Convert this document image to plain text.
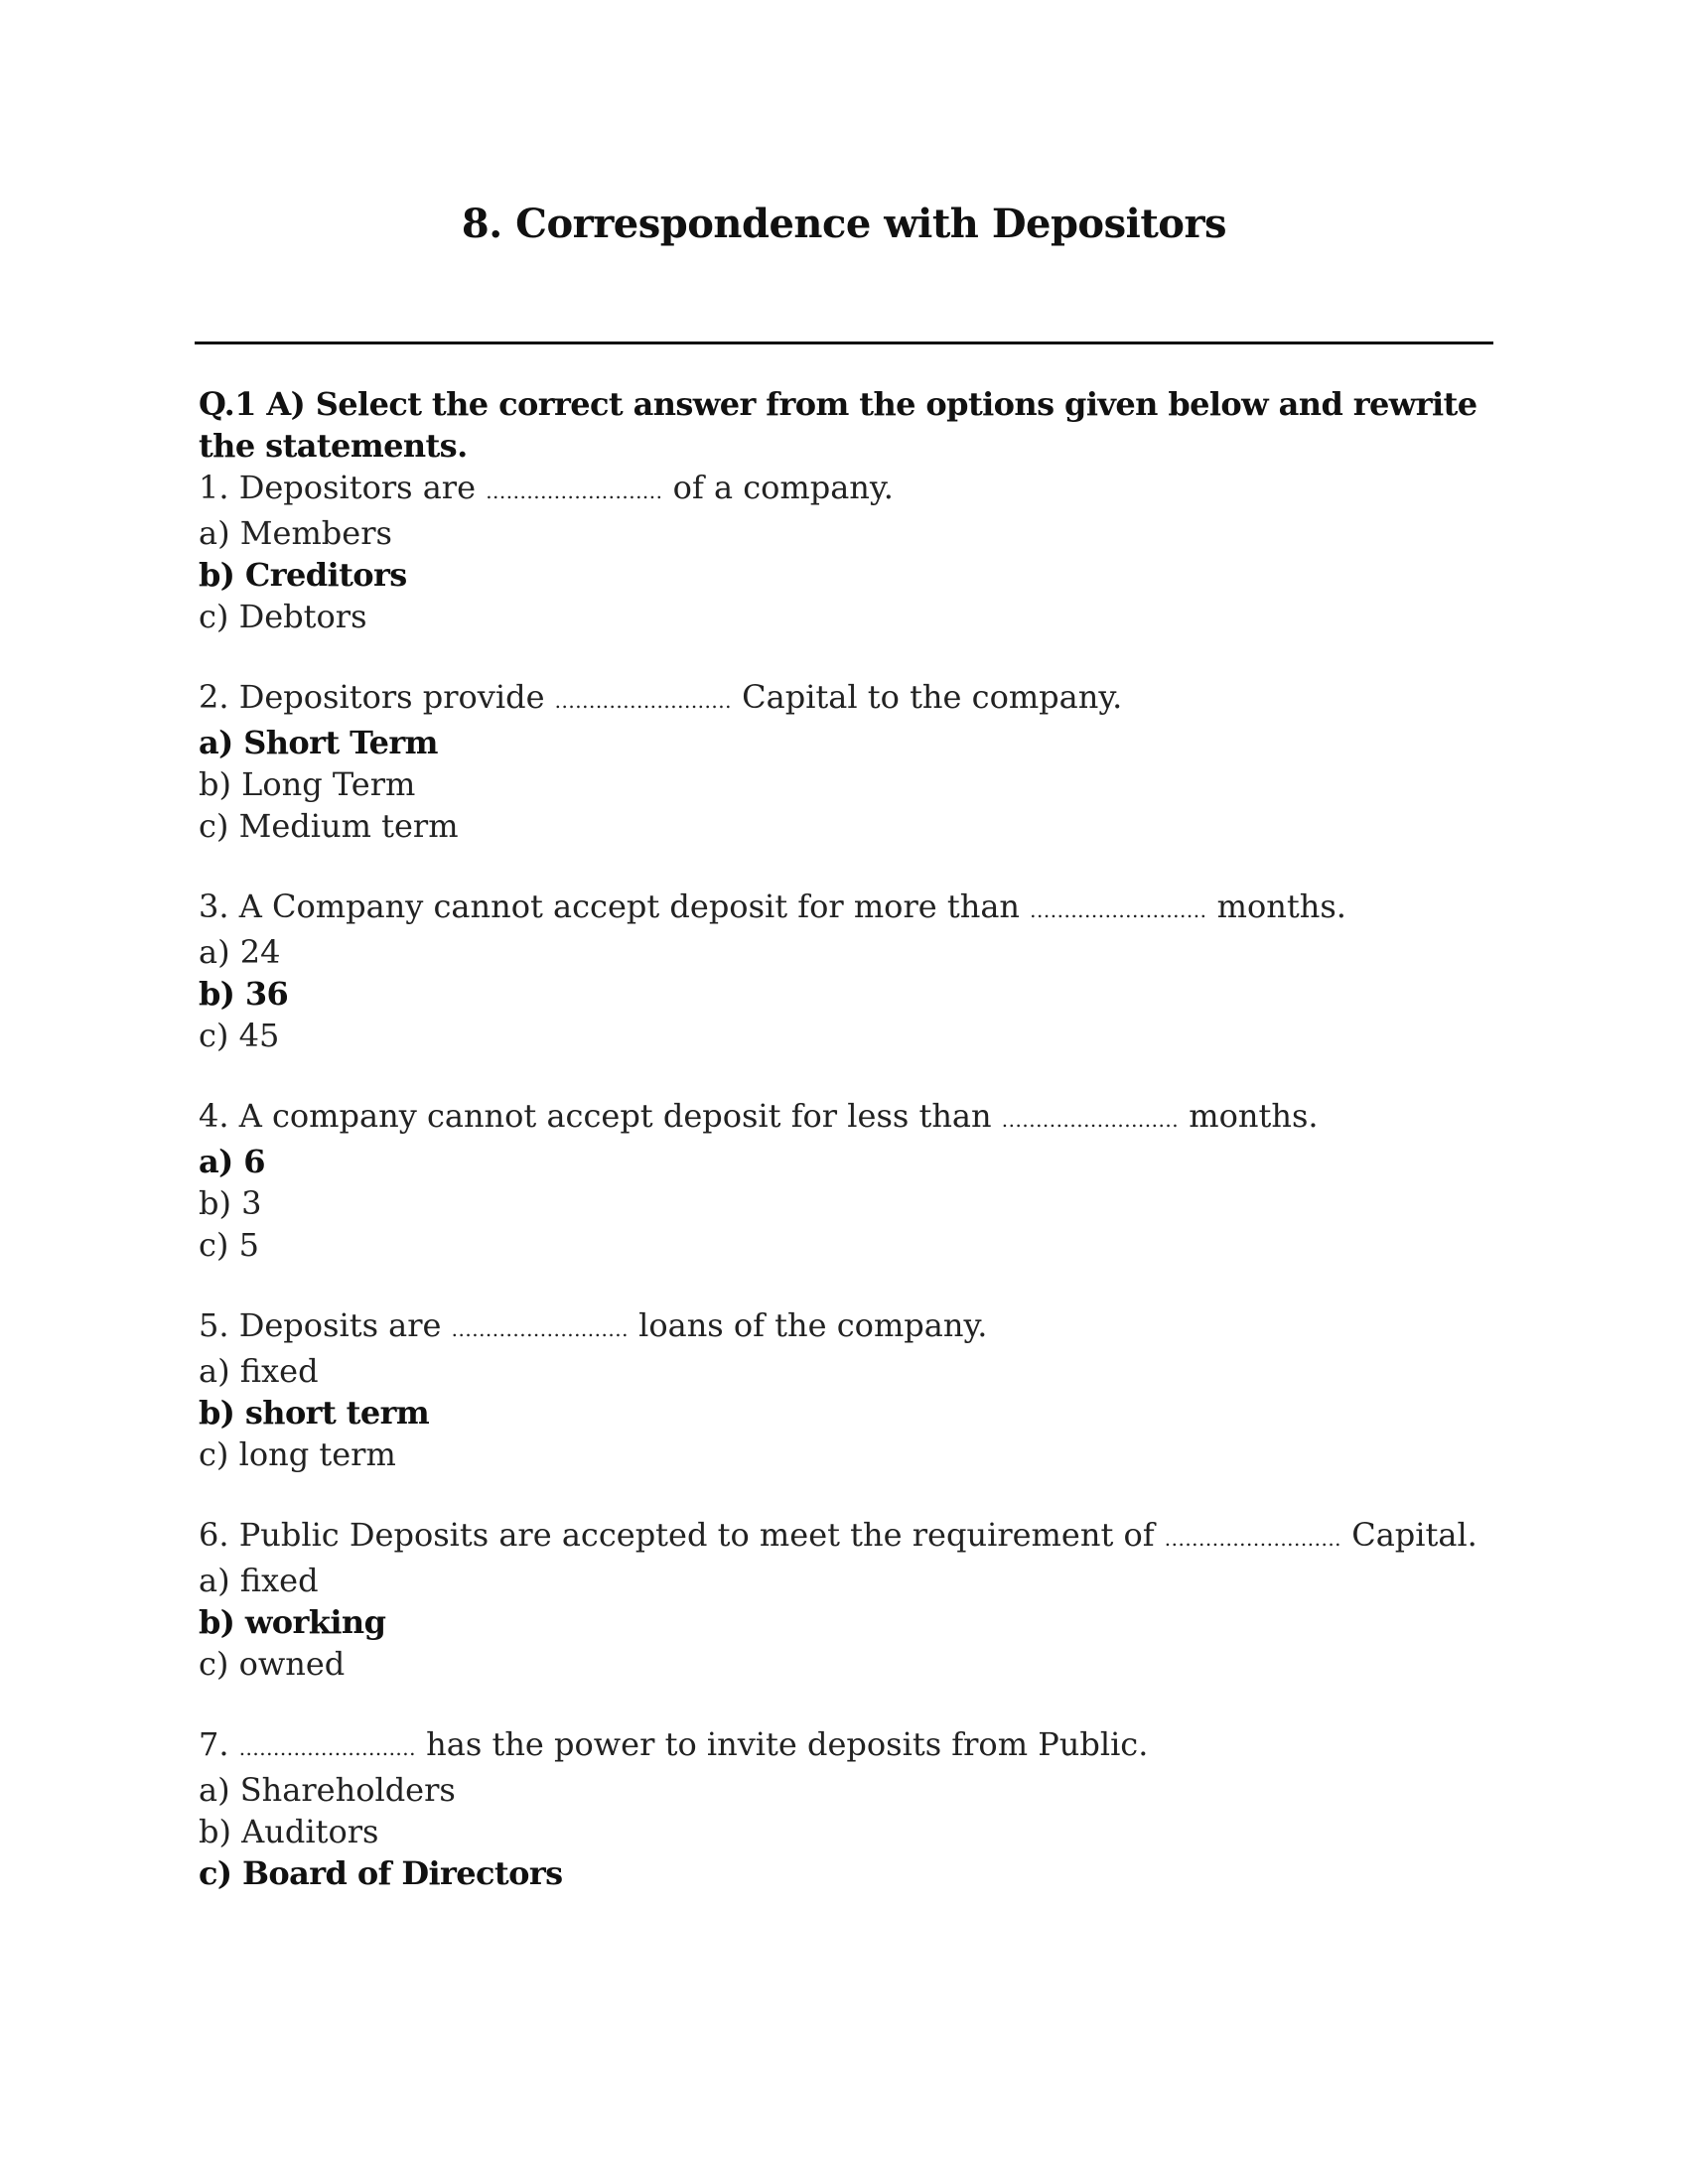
8. Correspondence with Depositors

Q.1 A) Select the correct answer from the options given below and rewrite the statements.

1. Depositors are .......................... of a company.

a) Members

b) Creditors

c) Debtors

2. Depositors provide .......................... Capital to the company.

a) Short Term

b) Long Term

c) Medium term

3. A Company cannot accept deposit for more than .......................... months.

a) 24

b) 36

c) 45

4. A company cannot accept deposit for less than .......................... months.

a) 6

b) 3

c) 5

5. Deposits are .......................... loans of the company.

a) fixed

b) short term

c) long term

6. Public Deposits are accepted to meet the requirement of .......................... Capital.

a) fixed

b) working

c) owned

7. .......................... has the power to invite deposits from Public.

a) Shareholders

b) Auditors

c) Board of Directors
